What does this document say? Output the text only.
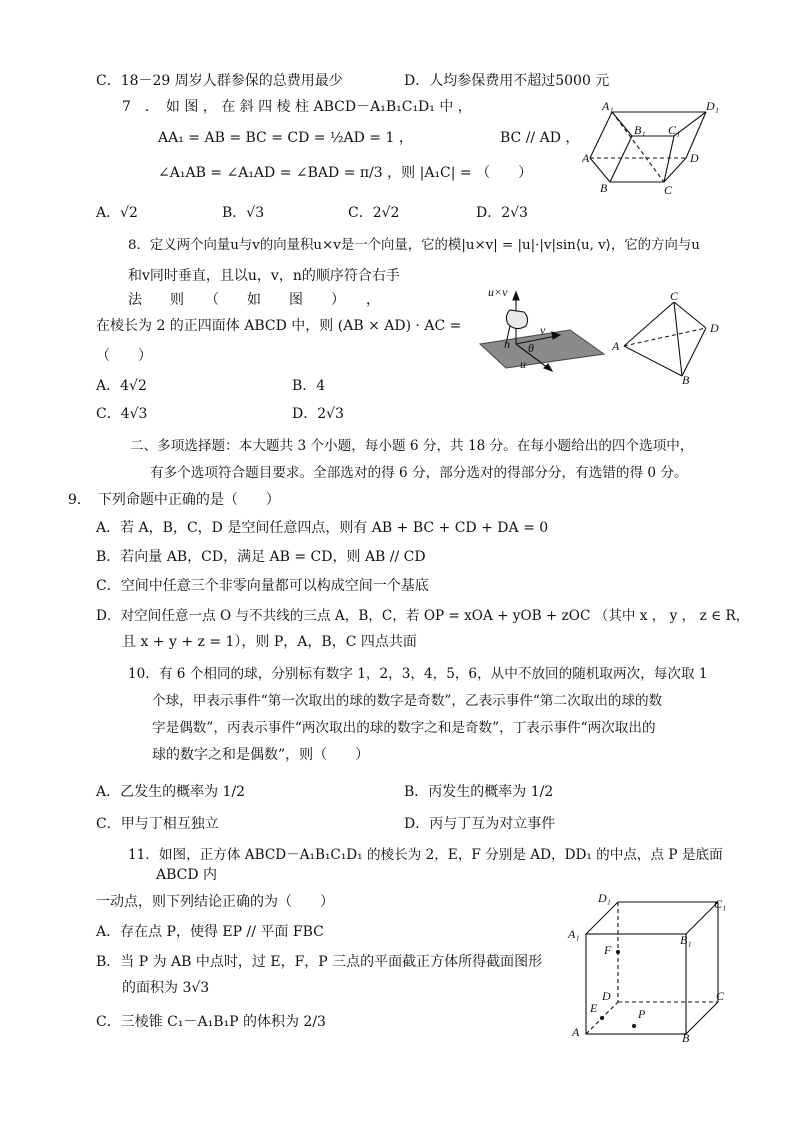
C．18－29 周岁人群参保的总费用最少	D．人均参保费用不超过5000 元
7　．　如 图 ， 在 斜 四 棱 柱 ABCD－A₁B₁C₁D₁ 中 ，
AA₁ = AB = BC = CD = ½AD = 1 ，	BC // AD ，
∠A₁AB = ∠A₁AD = ∠BAD = π/3 ，则 |A₁C| = （　　）
A₁
B₁ C₁
D₁
A
B	C
D
A．√2	B．√3	C．2√2	D．2√3
8．定义两个向量u与v的向量积u×v是一个向量，它的模|u×v| = |u|·|v|sin⟨u, v⟩，它的方向与u
和v同时垂直，且以u，v，n的顺序符合右手
法　　则　　（　　如　　图　　）　　，
在棱长为 2 的正四面体 ABCD 中，则 (AB × AD) · AC =
（　　）
u×v
v
n θ
u
C
D
A
B
A．4√2	B．4
C．4√3	D．2√3
二、多项选择题：本大题共 3 个小题，每小题 6 分，共 18 分。在每小题给出的四个选项中，
有多个选项符合题目要求。全部选对的得 6 分，部分选对的得部分分，有选错的得 0 分。
9．　下列命题中正确的是（　　）
A．若 A，B，C，D 是空间任意四点，则有 AB + BC + CD + DA = 0
B．若向量 AB，CD，满足 AB = CD，则 AB // CD
C．空间中任意三个非零向量都可以构成空间一个基底
D．对空间任意一点 O 与不共线的三点 A，B，C，若 OP = xOA + yOB + zOC （其中 x ， y ， z ∈ R，
且 x + y + z = 1），则 P，A，B，C 四点共面
10．有 6 个相同的球，分别标有数字 1，2，3，4，5，6，从中不放回的随机取两次，每次取 1
个球，甲表示事件“第一次取出的球的数字是奇数”，乙表示事件“第二次取出的球的数
字是偶数”，丙表示事件“两次取出的球的数字之和是奇数”，丁表示事件“两次取出的
球的数字之和是偶数”，则（　　）
A．乙发生的概率为 1/2	B．丙发生的概率为 1/2
C．甲与丁相互独立	D．丙与丁互为对立事件
11．如图，正方体 ABCD－A₁B₁C₁D₁ 的棱长为 2，E，F 分别是 AD，DD₁ 的中点，点 P 是底面
ABCD 内
一动点，则下列结论正确的为（　　）
A．存在点 P，使得 EP // 平面 FBC
B．当 P 为 AB 中点时，过 E，F，P 三点的平面截正方体所得截面图形
的面积为 3√3
C．三棱锥 C₁－A₁B₁P 的体积为 2/3
D₁	C₁
A₁	B₁
F
D	C
E	P
A	B
